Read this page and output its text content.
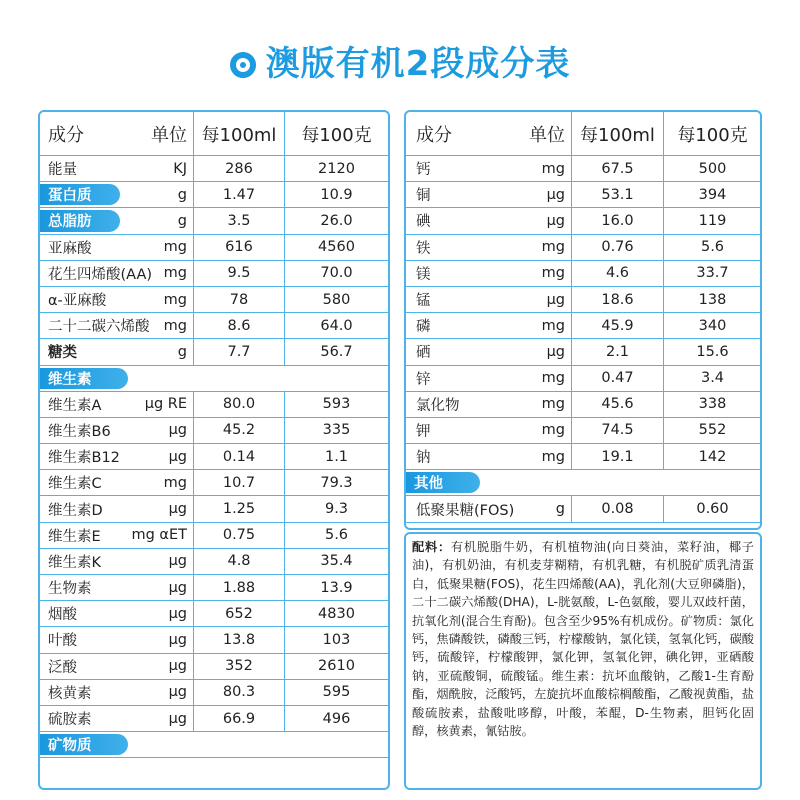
澳版有机2段成分表
成分	单位 每100ml	每100克
能量	KJ	286	2120
蛋白质	g	1.47	10.9
总脂肪	g	3.5	26.0
亚麻酸	mg	616	4560
花生四烯酸(AA) mg	9.5	70.0
α-亚麻酸	mg	78	580
二十二碳六烯酸 mg	8.6	64.0
糖类	g	7.7	56.7
维生素
维生素A	μg RE	80.0	593
维生素B6	μg	45.2	335
维生素B12	μg	0.14	1.1
维生素C	mg	10.7	79.3
维生素D	μg	1.25	9.3
维生素E	mg αET	0.75	5.6
维生素K	μg	4.8	35.4
生物素	μg	1.88	13.9
烟酸	μg	652	4830
叶酸	μg	13.8	103
泛酸	μg	352	2610
核黄素	μg	80.3	595
硫胺素	μg	66.9	496
矿物质
成分	单位 每100ml	每100克
钙	mg	67.5	500
铜	μg	53.1	394
碘	μg	16.0	119
铁	mg	0.76	5.6
镁	mg	4.6	33.7
锰	μg	18.6	138
磷	mg	45.9	340
硒	μg	2.1	15.6
锌	mg	0.47	3.4
氯化物	mg	45.6	338
钾	mg	74.5	552
钠	mg	19.1	142
其他
低聚果糖(FOS)	g	0.08	0.60
配料：有机脱脂牛奶，有机植物油(向日葵油，菜籽油，椰子油)，有机奶油，有机麦芽糊精，有机乳糖，有机脱矿质乳清蛋白，低聚果糖(FOS)，花生四烯酸(AA)，乳化剂(大豆卵磷脂)，二十二碳六烯酸(DHA)，L-胱氨酸，L-色氨酸，婴儿双歧杆菌，抗氧化剂(混合生育酚)。包含至少95%有机成份。矿物质：氯化钙，焦磷酸铁，磷酸三钙，柠檬酸钠，氯化镁，氢氧化钙，碳酸钙，硫酸锌，柠檬酸钾，氯化钾，氢氧化钾，碘化钾，亚硒酸钠，亚硫酸铜，硫酸锰。维生素：抗坏血酸钠，乙酸1-生育酚酯，烟酰胺，泛酸钙，左旋抗坏血酸棕榈酸酯，乙酸视黄酯，盐酸硫胺素，盐酸吡哆醇，叶酸，苯醌，D-生物素，胆钙化固醇，核黄素，氰钴胺。
